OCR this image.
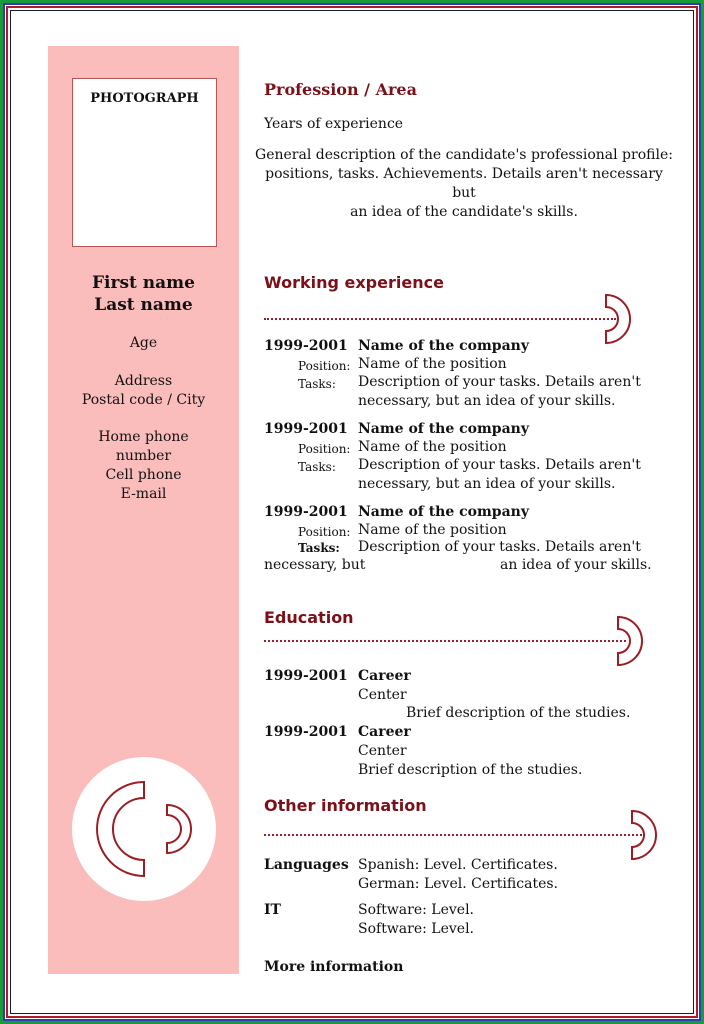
PHOTOGRAPH
First name
Last name
Age
Address
Postal code / City
Home phone
number
Cell phone
E-mail
Profession / Area
Years of experience
General description of the candidate's professional profile:
positions, tasks. Achievements. Details aren't necessary but
an idea of the candidate's skills.
Working experience
1999-2001 Name of the company
Position: Name of the position
Tasks: Description of your tasks. Details aren't
necessary, but an idea of your skills.
1999-2001 Name of the company
Position: Name of the position
Tasks: Description of your tasks. Details aren't
necessary, but an idea of your skills.
1999-2001 Name of the company
Position: Name of the position
Tasks: Description of your tasks. Details aren't
necessary, but	an idea of your skills.
Education
1999-2001 Career
Center
Brief description of the studies.
1999-2001 Career
Center
Brief description of the studies.
Other information
Languages Spanish: Level. Certificates.
German: Level. Certificates.
IT	Software: Level.
Software: Level.
More information
